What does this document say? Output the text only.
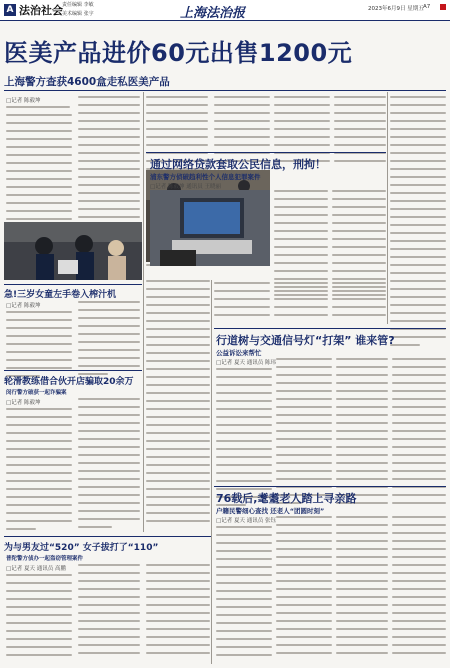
A 法治社会 责任编辑 李敏
美术编辑 张宇	上海法治报	2023年6月9日 星期五 A7
医美产品进价60元出售1200元
上海警方查获4600盒走私医美产品
□记者 陈毅坤
通过网络贷款套取公民信息，刑拘！
浦东警方侦破趋利性个人信息犯罪案件
□记者 陈毅坤 通讯员 王晓丽
急!三岁女童左手卷入榨汁机
□记者 陈毅坤
轮滑教练借合伙开店骗取20余万
闵行警方破获一起诈骗案
□记者 陈毅坤
为与男友过“520” 女子拔打了“110”
普陀警方侦办一起盗窃管理案件
□记者 夏天 通讯员 高鹏
行道树与交通信号灯“打架” 谁来管?
公益诉讼来帮忙
□记者 夏天 通讯员 陈玮
76载后,耄耋老人踏上寻亲路
户籍民警细心查找 还老人“团圆时刻”
□记者 夏天 通讯员 张钰
